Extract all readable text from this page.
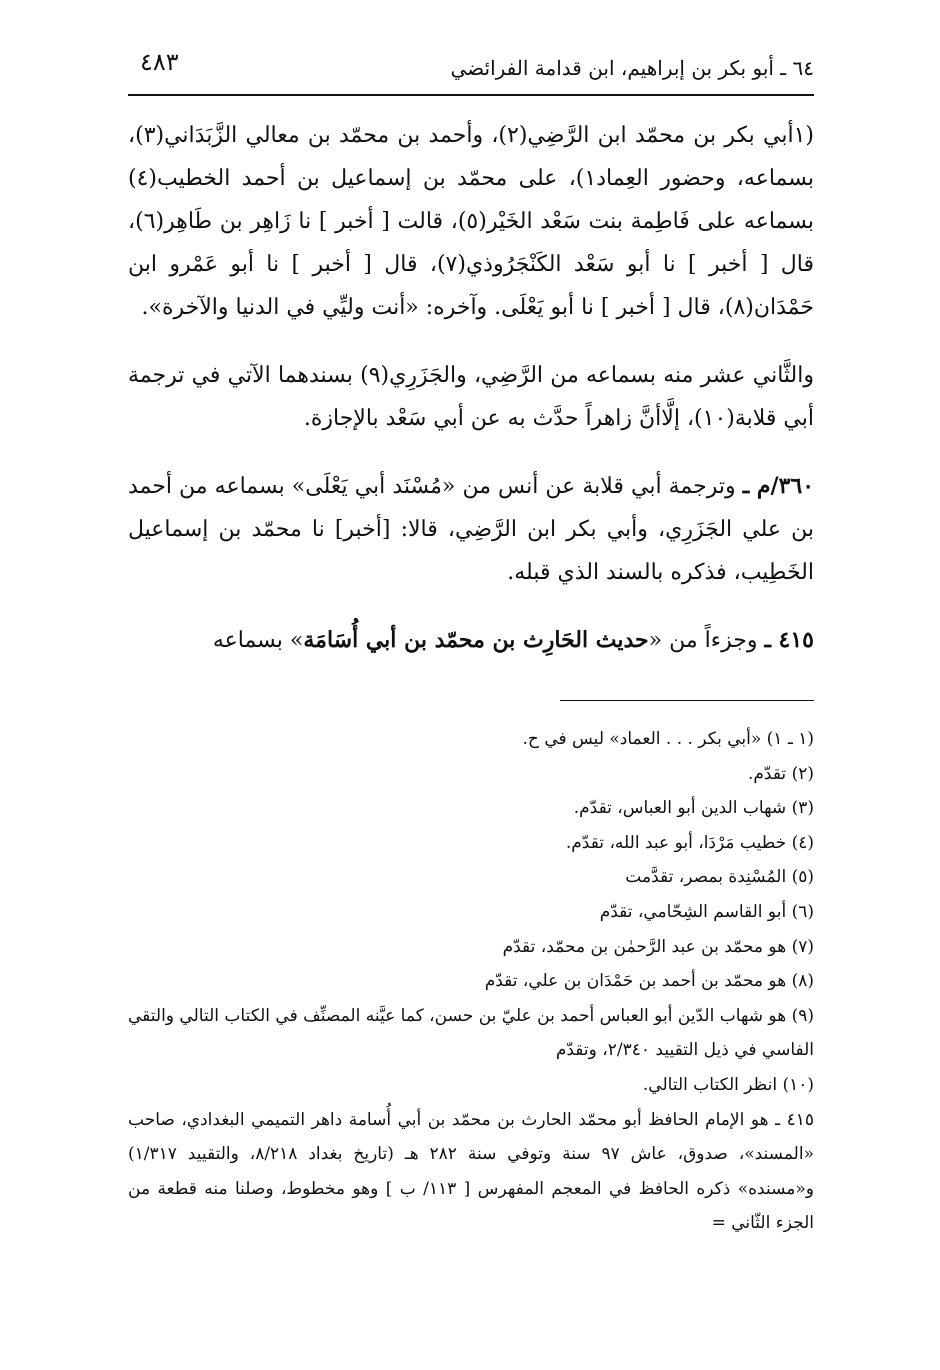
٦٤ ـ أبو بكر بن إبراهيم، ابن قدامة الفرائضي
٤٨٣

(١أبي بكر بن محمّد ابن الرَّضِي(٢)، وأحمد بن محمّد بن معالي الزَّبَدَاني(٣)، بسماعه، وحضور العِماد١)، على محمّد بن إسماعيل بن أحمد الخطيب(٤) بسماعه على فَاطِمة بنت سَعْد الخَيْر(٥)، قالت [ أخبر ] نا زَاهِر بن طَاهِر(٦)، قال [ أخبر ] نا أبو سَعْد الكَنْجَرُوذي(٧)، قال [ أخبر ] نا أبو عَمْرو ابن حَمْدَان(٨)، قال [ أخبر ] نا أبو يَعْلَى. وآخره: «أنت وليِّي في الدنيا والآخرة».

والثَّاني عشر منه بسماعه من الرَّضِي، والجَزَرِي(٩) بسندهما الآتي في ترجمة أبي قلابة(١٠)، إلَّاأنَّ زاهراً حدَّث به عن أبي سَعْد بالإجازة.

٣٦٠/م ـ وترجمة أبي قلابة عن أنس من «مُسْنَد أبي يَعْلَى» بسماعه من أحمد بن علي الجَزَرِي، وأبي بكر ابن الرَّضِي، قالا: [أخبر] نا محمّد بن إسماعيل الخَطِيب، فذكره بالسند الذي قبله.

٤١٥ ـ وجزءاً من «حديث الحَارِث بن محمّد بن أبي أُسَامَة» بسماعه

(١ ـ ١) «أبي بكر . . . العماد» ليس في ح.
(٢) تقدّم.
(٣) شهاب الدين أبو العباس، تقدّم.
(٤) خطيب مَرْدَا، أبو عبد الله، تقدّم.
(٥) المُسْنِدة بمصر، تقدَّمت
(٦) أبو القاسم الشِحّامي، تقدّم
(٧) هو محمّد بن عبد الرَّحمٰن بن محمّد، تقدّم
(٨) هو محمّد بن أحمد بن حَمْدَان بن علي، تقدّم
(٩) هو شهاب الدّين أبو العباس أحمد بن عليّ بن حسن، كما عيَّنه المصنِّف في الكتاب التالي والتقي الفاسي في ذيل التقييد ٢/٣٤٠، وتقدّم
(١٠) انظر الكتاب التالي.
٤١٥ ـ هو الإمام الحافظ أبو محمّد الحارث بن محمّد بن أبي أُسامة داهر التميمي البغدادي، صاحب «المسند»، صدوق، عاش ٩٧ سنة وتوفي سنة ٢٨٢ هـ (تاريخ بغداد ٨/٢١٨، والتقييد ١/٣١٧) و«مسنده» ذكره الحافظ في المعجم المفهرس [ ١١٣/ ب ] وهو مخطوط، وصلنا منه قطعة من الجزء الثّاني =
